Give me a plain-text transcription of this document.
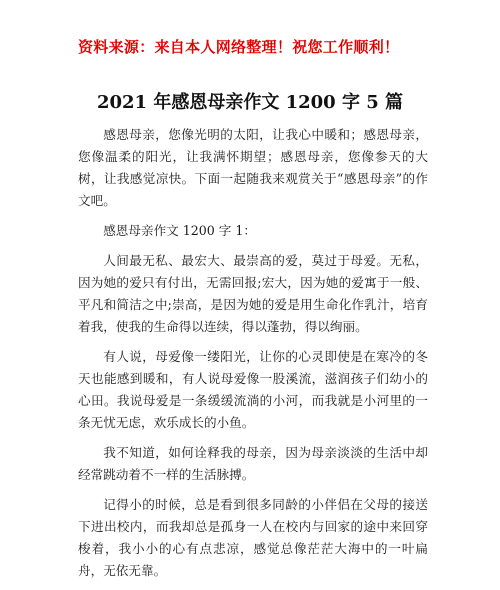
资料来源：来自本人网络整理！祝您工作顺利！
2021 年感恩母亲作文 1200 字 5 篇

感恩母亲，您像光明的太阳，让我心中暖和；感恩母亲，您像温柔的阳光，让我满怀期望；感恩母亲，您像参天的大树，让我感觉凉快。下面一起随我来观赏关于“感恩母亲”的作文吧。

感恩母亲作文 1200 字 1：

人间最无私、最宏大、最崇高的爱，莫过于母爱。无私，因为她的爱只有付出，无需回报;宏大，因为她的爱寓于一般、平凡和简洁之中;崇高，是因为她的爱是用生命化作乳汁，培育着我，使我的生命得以连续，得以蓬勃，得以绚丽。

有人说，母爱像一缕阳光，让你的心灵即使是在寒冷的冬天也能感到暖和，有人说母爱像一股溪流，滋润孩子们幼小的心田。我说母爱是一条缓缓流淌的小河，而我就是小河里的一条无忧无虑，欢乐成长的小鱼。

我不知道，如何诠释我的母亲，因为母亲淡淡的生活中却经常跳动着不一样的生活脉搏。

记得小的时候，总是看到很多同龄的小伴侣在父母的接送下进出校内，而我却总是孤身一人在校内与回家的途中来回穿梭着，我小小的心有点悲凉，感觉总像茫茫大海中的一叶扁舟，无依无靠。
